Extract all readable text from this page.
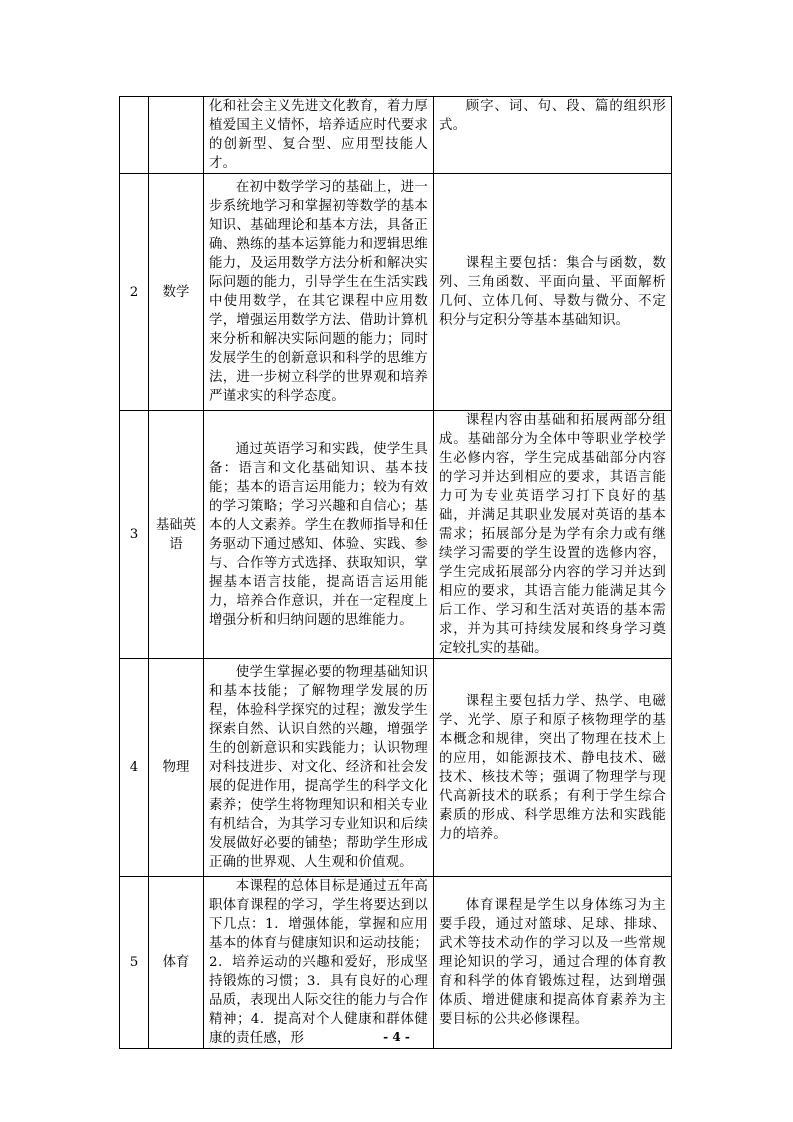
		化和社会主义先进文化教育，着力厚植爱国主义情怀，培养适应时代要求的创新型、复合型、应用型技能人才。	顾字、词、句、段、篇的组织形式。
2	数学	在初中数学学习的基础上，进一步系统地学习和掌握初等数学的基本知识、基础理论和基本方法，具备正确、熟练的基本运算能力和逻辑思维能力，及运用数学方法分析和解决实际问题的能力，引导学生在生活实践中使用数学，在其它课程中应用数学，增强运用数学方法、借助计算机来分析和解决实际问题的能力；同时发展学生的创新意识和科学的思维方法，进一步树立科学的世界观和培养严谨求实的科学态度。	课程主要包括：集合与函数，数列、三角函数、平面向量、平面解析几何、立体几何、导数与微分、不定积分与定积分等基本基础知识。
3	基础英语	通过英语学习和实践，使学生具备：语言和文化基础知识、基本技能；基本的语言运用能力；较为有效的学习策略；学习兴趣和自信心；基本的人文素养。学生在教师指导和任务驱动下通过感知、体验、实践、参与、合作等方式选择、获取知识，掌握基本语言技能，提高语言运用能力，培养合作意识，并在一定程度上增强分析和归纳问题的思维能力。	课程内容由基础和拓展两部分组成。基础部分为全体中等职业学校学生必修内容，学生完成基础部分内容的学习并达到相应的要求，其语言能力可为专业英语学习打下良好的基础，并满足其职业发展对英语的基本需求；拓展部分是为学有余力或有继续学习需要的学生设置的选修内容，学生完成拓展部分内容的学习并达到相应的要求，其语言能力能满足其今后工作、学习和生活对英语的基本需求，并为其可持续发展和终身学习奠定较扎实的基础。
4	物理	使学生掌握必要的物理基础知识和基本技能；了解物理学发展的历程，体验科学探究的过程；激发学生探索自然、认识自然的兴趣，增强学生的创新意识和实践能力；认识物理对科技进步、对文化、经济和社会发展的促进作用，提高学生的科学文化素养；使学生将物理知识和相关专业有机结合，为其学习专业知识和后续发展做好必要的铺垫；帮助学生形成正确的世界观、人生观和价值观。	课程主要包括力学、热学、电磁学、光学、原子和原子核物理学的基本概念和规律，突出了物理在技术上的应用，如能源技术、静电技术、磁技术、核技术等；强调了物理学与现代高新技术的联系；有利于学生综合素质的形成、科学思维方法和实践能力的培养。
5	体育	本课程的总体目标是通过五年高职体育课程的学习，学生将要达到以下几点：1．增强体能，掌握和应用基本的体育与健康知识和运动技能；2．培养运动的兴趣和爱好，形成坚持锻炼的习惯；3．具有良好的心理品质，表现出人际交往的能力与合作精神；4．提高对个人健康和群体健康的责任感，形	体育课程是学生以身体练习为主要手段，通过对篮球、足球、排球、武术等技术动作的学习以及一些常规理论知识的学习，通过合理的体育教育和科学的体育锻炼过程，达到增强体质、增进健康和提高体育素养为主要目标的公共必修课程。
- 4 -
